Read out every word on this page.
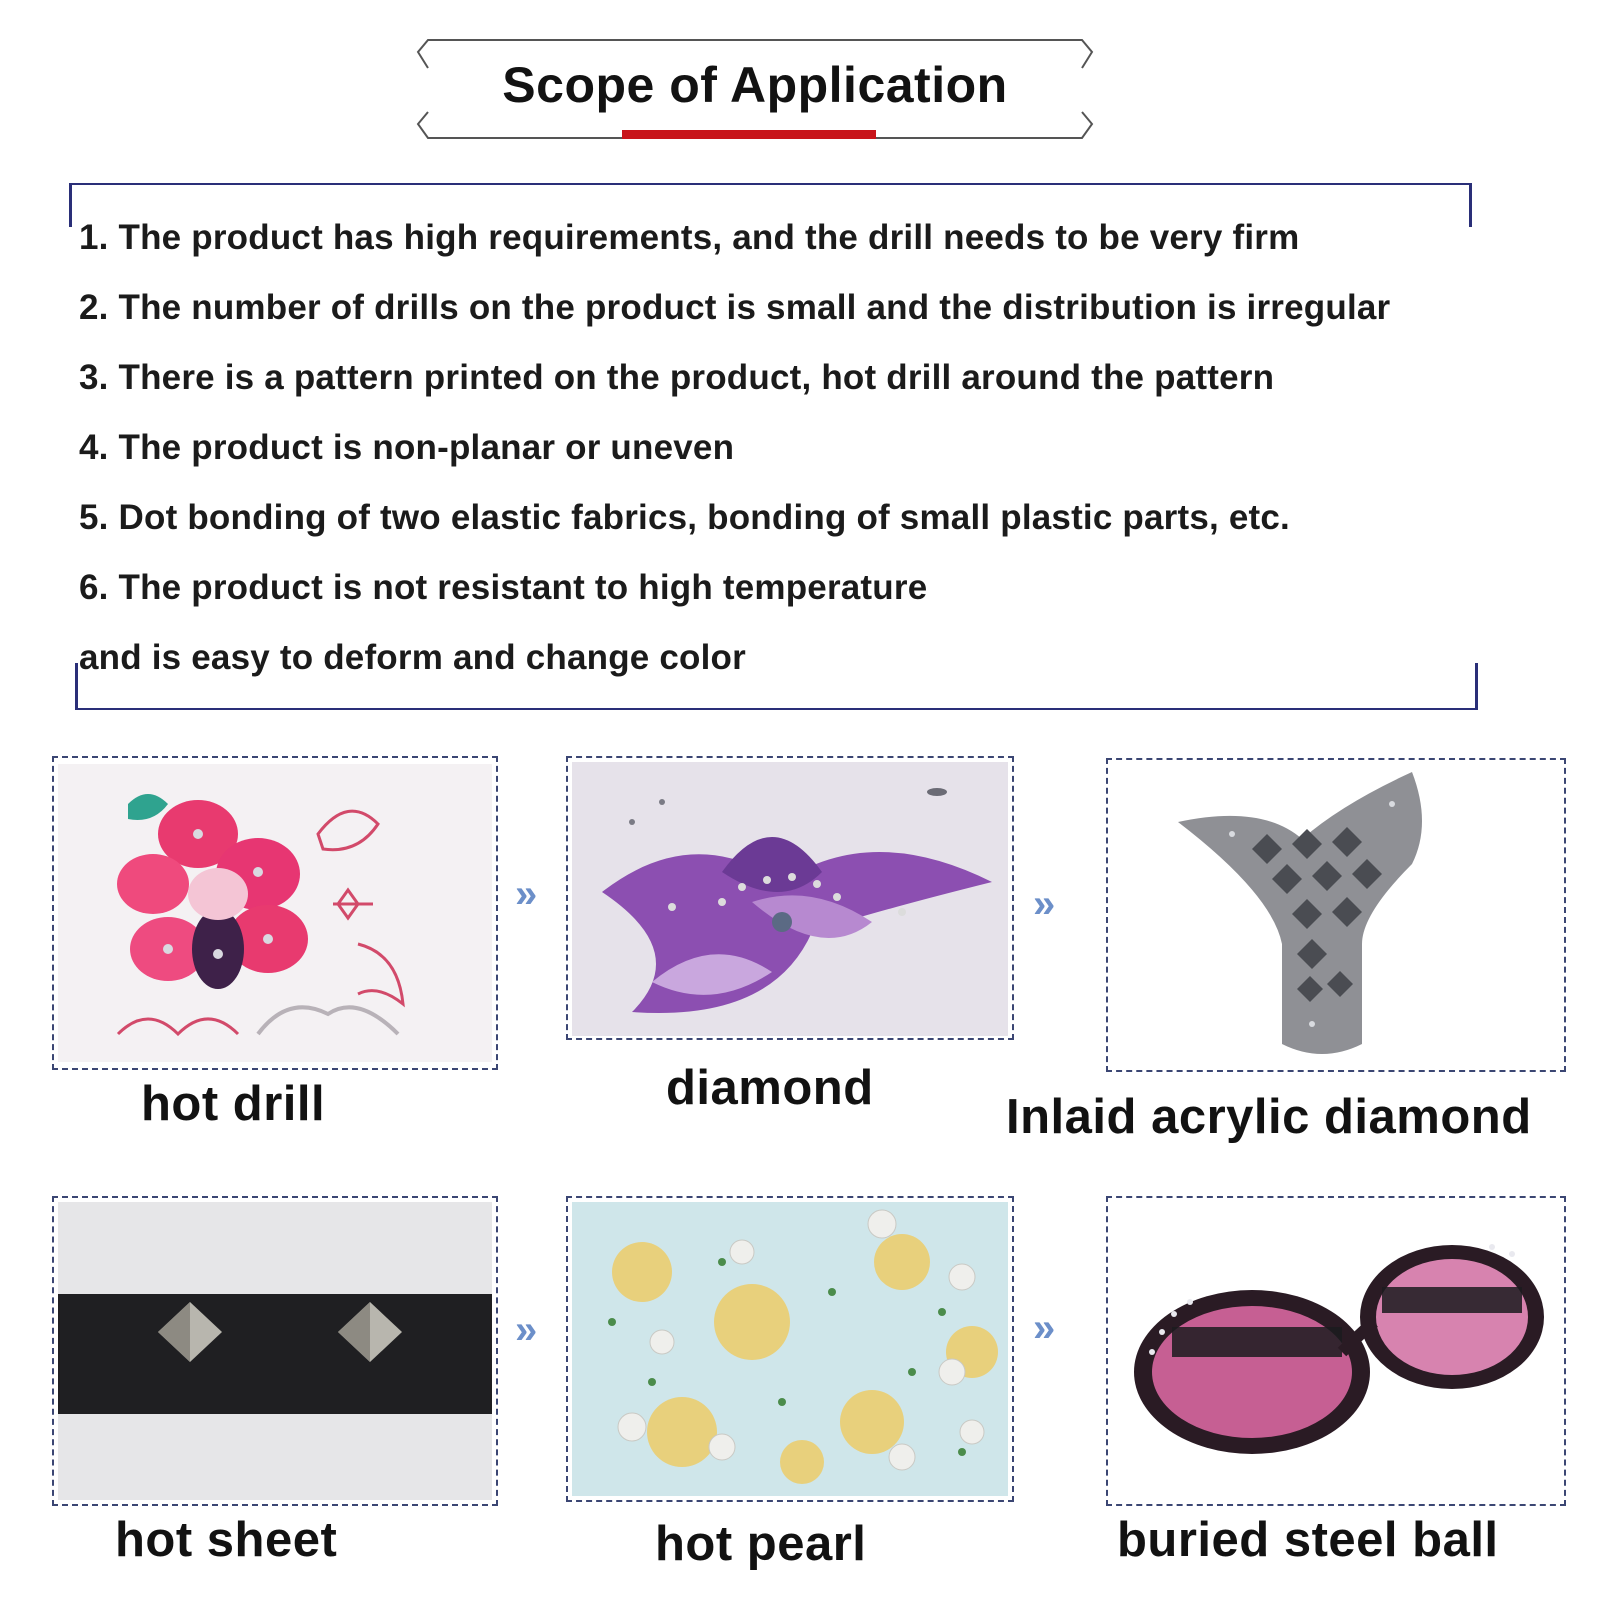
Scope of Application
1. The product has high requirements, and the drill needs to be very firm
2. The number of drills on the product is small and the distribution is irregular
3. There is a pattern printed on the product, hot drill around the pattern
4. The product is non-planar or uneven
5. Dot bonding of two elastic fabrics, bonding of small plastic parts, etc.
6. The product is not resistant to high temperature
and is easy to deform and change color
hot drill
»
diamond
»
Inlaid acrylic diamond
hot sheet
»
hot pearl
»
buried steel ball
